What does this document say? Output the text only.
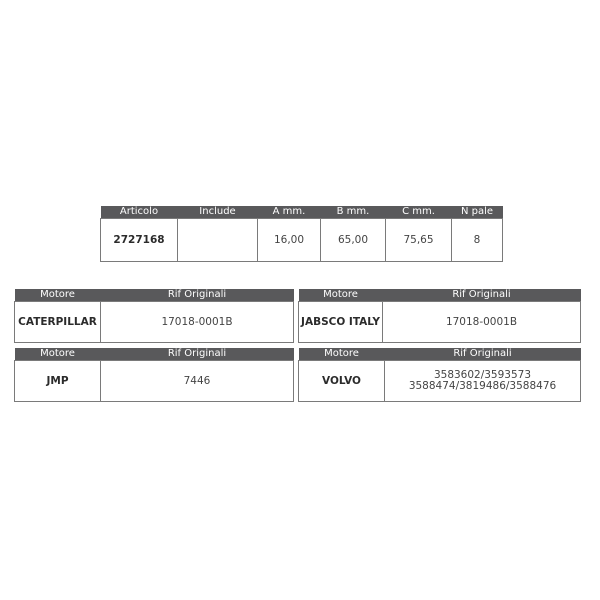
Articolo	Include	A mm.	B mm.	C mm.	N pale
2727168		16,00	65,00	75,65	8
Motore	Rif Originali
CATERPILLAR	17018-0001B
Motore	Rif Originali
JABSCO ITALY	17018-0001B
Motore	Rif Originali
JMP	7446
Motore	Rif Originali
VOLVO	3583602/3593573
3588474/3819486/3588476
